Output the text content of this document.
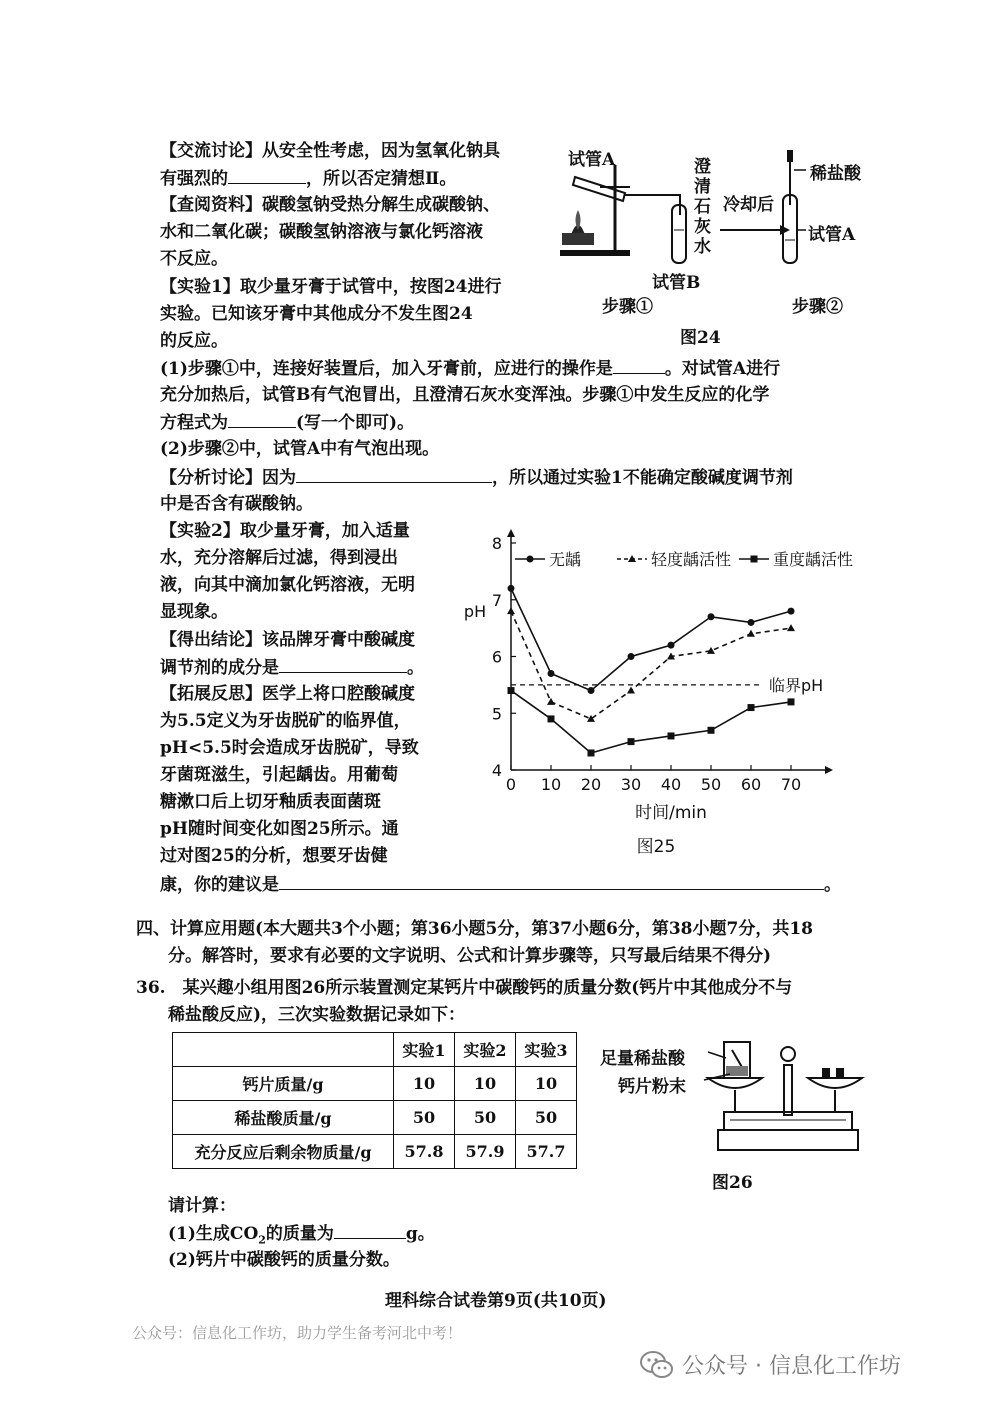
【交流讨论】从安全性考虑，因为氢氧化钠具
有强烈的	，所以否定猜想Ⅱ。
【查阅资料】碳酸氢钠受热分解生成碳酸钠、
水和二氧化碳；碳酸氢钠溶液与氯化钙溶液
不反应。
【实验1】取少量牙膏于试管中，按图24进行
实验。已知该牙膏中其他成分不发生图24
的反应。
试管A	澄清石灰水
试管B
步骤①
冷却后
稀盐酸
试管A
步骤②
图24
(1)步骤①中，连接好装置后，加入牙膏前，应进行的操作是	。对试管A进行
充分加热后，试管B有气泡冒出，且澄清石灰水变浑浊。步骤①中发生反应的化学
方程式为	(写一个即可)。
(2)步骤②中，试管A中有气泡出现。
【分析讨论】因为	，所以通过实验1不能确定酸碱度调节剂
中是否含有碳酸钠。
【实验2】取少量牙膏，加入适量
水，充分溶解后过滤，得到浸出
液，向其中滴加氯化钙溶液，无明
显现象。
【得出结论】该品牌牙膏中酸碱度
调节剂的成分是	。
【拓展反思】医学上将口腔酸碱度
为5.5定义为牙齿脱矿的临界值，
pH<5.5时会造成牙齿脱矿，导致
牙菌斑滋生，引起龋齿。用葡萄
糖漱口后上切牙釉质表面菌斑
pH随时间变化如图25所示。通
过对图25的分析，想要牙齿健
康，你的建议是	。
4
5
6
7
8
0 10 20 30 40 50 60 70
pH
时间/min
临界pH
无龋	轻度龋活性	重度龋活性
图25
四、计算应用题(本大题共3个小题；第36小题5分，第37小题6分，第38小题7分，共18
分。解答时，要求有必要的文字说明、公式和计算步骤等，只写最后结果不得分)
36.　某兴趣小组用图26所示装置测定某钙片中碳酸钙的质量分数(钙片中其他成分不与
稀盐酸反应)，三次实验数据记录如下：
	实验1	实验2	实验3
钙片质量/g	10	10	10
稀盐酸质量/g	50	50	50
充分反应后剩余物质量/g	57.8	57.9	57.7
足量稀盐酸
钙片粉末
图26
请计算：
(1)生成$CO_2$的质量为	g。
(2)钙片中碳酸钙的质量分数。
理科综合试卷第9页(共10页)
公众号：信息化工作坊，助力学生备考河北中考！
公众号 · 信息化工作坊
